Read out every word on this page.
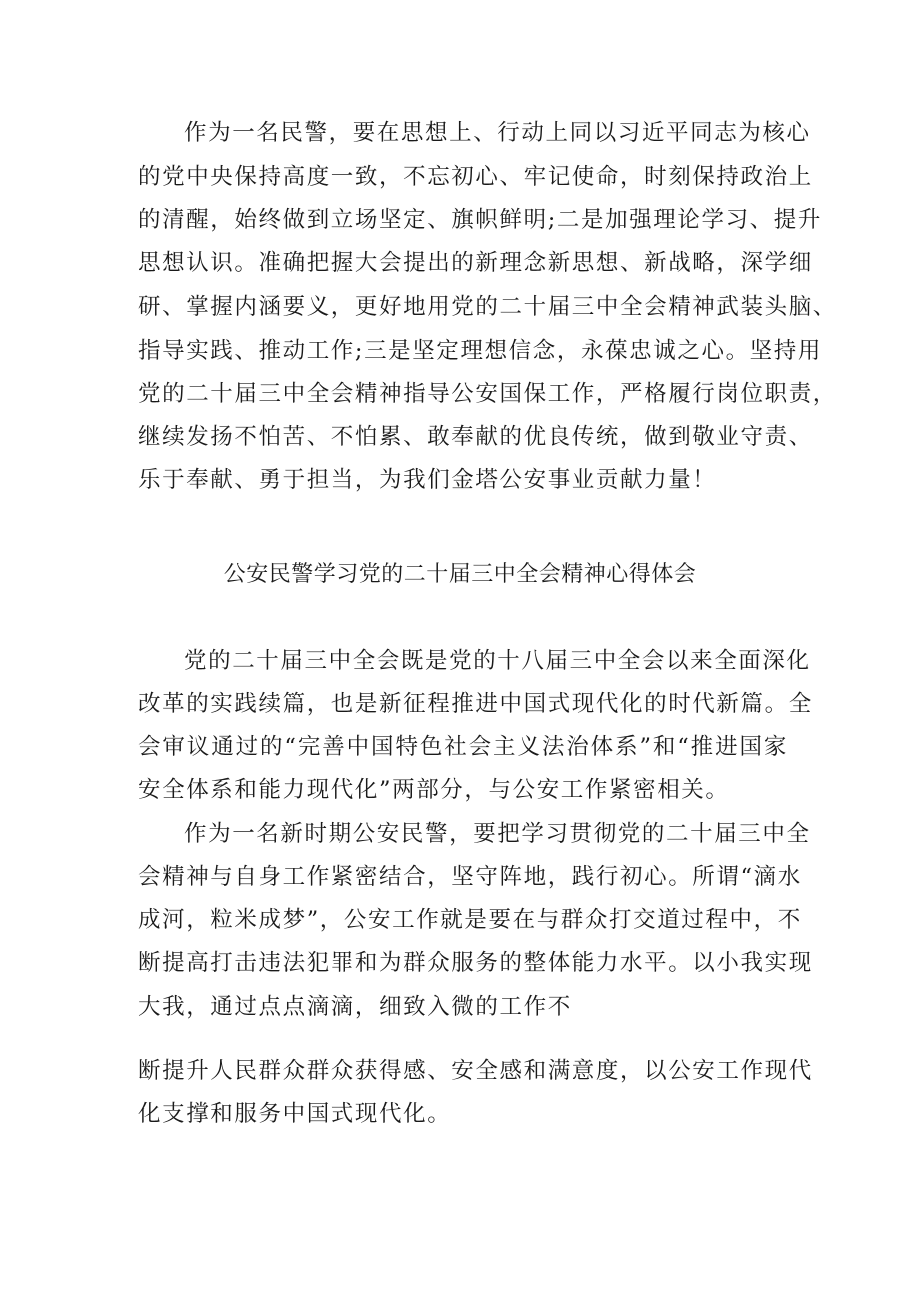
作为一名民警，要在思想上、行动上同以习近平同志为核心
的党中央保持高度一致，不忘初心、牢记使命，时刻保持政治上
的清醒，始终做到立场坚定、旗帜鲜明;二是加强理论学习、提升
思想认识。准确把握大会提出的新理念新思想、新战略，深学细
研、掌握内涵要义，更好地用党的二十届三中全会精神武装头脑、
指导实践、推动工作;三是坚定理想信念，永葆忠诚之心。坚持用
党的二十届三中全会精神指导公安国保工作，严格履行岗位职责，
继续发扬不怕苦、不怕累、敢奉献的优良传统，做到敬业守责、
乐于奉献、勇于担当，为我们金塔公安事业贡献力量！
公安民警学习党的二十届三中全会精神心得体会
党的二十届三中全会既是党的十八届三中全会以来全面深化
改革的实践续篇，也是新征程推进中国式现代化的时代新篇。全
会审议通过的“完善中国特色社会主义法治体系”和“推进国家
安全体系和能力现代化”两部分，与公安工作紧密相关。
作为一名新时期公安民警，要把学习贯彻党的二十届三中全
会精神与自身工作紧密结合，坚守阵地，践行初心。所谓“滴水
成河，粒米成梦”，公安工作就是要在与群众打交道过程中，不
断提高打击违法犯罪和为群众服务的整体能力水平。以小我实现
大我，通过点点滴滴，细致入微的工作不
断提升人民群众群众获得感、安全感和满意度，以公安工作现代
化支撑和服务中国式现代化。
